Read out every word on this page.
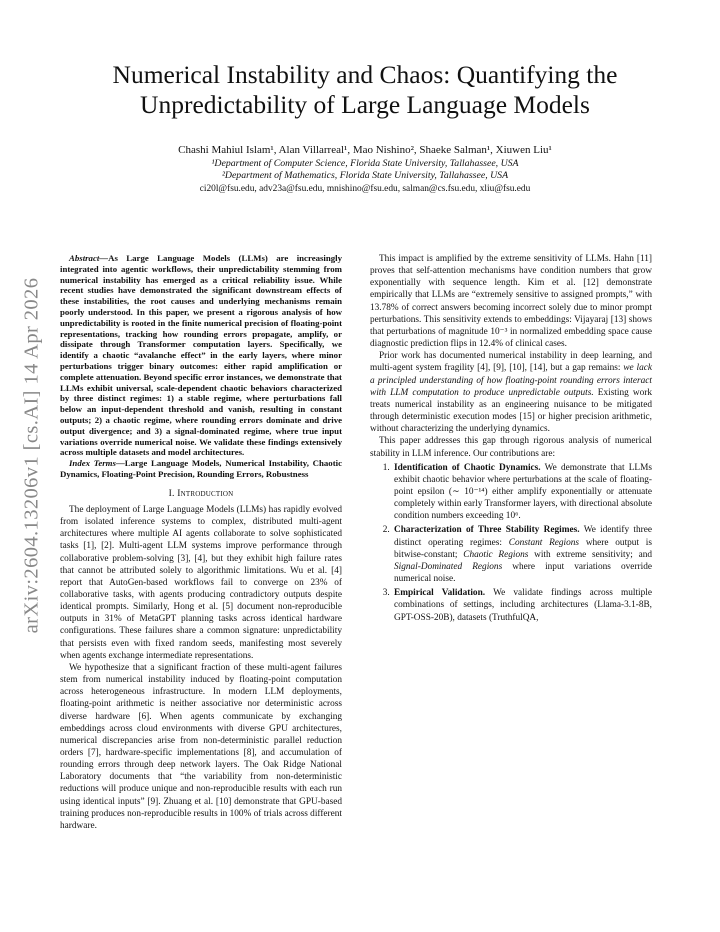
arXiv:2604.13206v1 [cs.AI] 14 Apr 2026
Numerical Instability and Chaos: Quantifying the Unpredictability of Large Language Models
Chashi Mahiul Islam¹, Alan Villarreal¹, Mao Nishino², Shaeke Salman¹, Xiuwen Liu¹
¹Department of Computer Science, Florida State University, Tallahassee, USA
²Department of Mathematics, Florida State University, Tallahassee, USA
ci20l@fsu.edu, adv23a@fsu.edu, mnishino@fsu.edu, salman@cs.fsu.edu, xliu@fsu.edu

Abstract—As Large Language Models (LLMs) are increasingly integrated into agentic workflows, their unpredictability stemming from numerical instability has emerged as a critical reliability issue. While recent studies have demonstrated the significant downstream effects of these instabilities, the root causes and underlying mechanisms remain poorly understood. In this paper, we present a rigorous analysis of how unpredictability is rooted in the finite numerical precision of floating-point representations, tracking how rounding errors propagate, amplify, or dissipate through Transformer computation layers. Specifically, we identify a chaotic “avalanche effect” in the early layers, where minor perturbations trigger binary outcomes: either rapid amplification or complete attenuation. Beyond specific error instances, we demonstrate that LLMs exhibit universal, scale-dependent chaotic behaviors characterized by three distinct regimes: 1) a stable regime, where perturbations fall below an input-dependent threshold and vanish, resulting in constant outputs; 2) a chaotic regime, where rounding errors dominate and drive output divergence; and 3) a signal-dominated regime, where true input variations override numerical noise. We validate these findings extensively across multiple datasets and model architectures.

Index Terms—Large Language Models, Numerical Instability, Chaotic Dynamics, Floating-Point Precision, Rounding Errors, Robustness

I. Introduction

The deployment of Large Language Models (LLMs) has rapidly evolved from isolated inference systems to complex, distributed multi-agent architectures where multiple AI agents collaborate to solve sophisticated tasks [1], [2]. Multi-agent LLM systems improve performance through collaborative problem-solving [3], [4], but they exhibit high failure rates that cannot be attributed solely to algorithmic limitations. Wu et al. [4] report that AutoGen-based workflows fail to converge on 23% of collaborative tasks, with agents producing contradictory outputs despite identical prompts. Similarly, Hong et al. [5] document non-reproducible outputs in 31% of MetaGPT planning tasks across identical hardware configurations. These failures share a common signature: unpredictability that persists even with fixed random seeds, manifesting most severely when agents exchange intermediate representations.

We hypothesize that a significant fraction of these multi-agent failures stem from numerical instability induced by floating-point computation across heterogeneous infrastructure. In modern LLM deployments, floating-point arithmetic is neither associative nor deterministic across diverse hardware [6]. When agents communicate by exchanging embeddings across cloud environments with diverse GPU architectures, numerical discrepancies arise from non-deterministic parallel reduction orders [7], hardware-specific implementations [8], and accumulation of rounding errors through deep network layers. The Oak Ridge National Laboratory documents that “the variability from non-deterministic reductions will produce unique and non-reproducible results with each run using identical inputs” [9]. Zhuang et al. [10] demonstrate that GPU-based training produces non-reproducible results in 100% of trials across different hardware.

This impact is amplified by the extreme sensitivity of LLMs. Hahn [11] proves that self-attention mechanisms have condition numbers that grow exponentially with sequence length. Kim et al. [12] demonstrate empirically that LLMs are “extremely sensitive to assigned prompts,” with 13.78% of correct answers becoming incorrect solely due to minor prompt perturbations. This sensitivity extends to embeddings: Vijayaraj [13] shows that perturbations of magnitude 10⁻³ in normalized embedding space cause diagnostic prediction flips in 12.4% of clinical cases.

Prior work has documented numerical instability in deep learning, and multi-agent system fragility [4], [9], [10], [14], but a gap remains: we lack a principled understanding of how floating-point rounding errors interact with LLM computation to produce unpredictable outputs. Existing work treats numerical instability as an engineering nuisance to be mitigated through deterministic execution modes [15] or higher precision arithmetic, without characterizing the underlying dynamics.

This paper addresses this gap through rigorous analysis of numerical stability in LLM inference. Our contributions are:

1. Identification of Chaotic Dynamics. We demonstrate that LLMs exhibit chaotic behavior where perturbations at the scale of floating-point epsilon (∼ 10⁻¹⁴) either amplify exponentially or attenuate completely within early Transformer layers, with directional absolute condition numbers exceeding 10⁶.
2. Characterization of Three Stability Regimes. We identify three distinct operating regimes: Constant Regions where output is bitwise-constant; Chaotic Regions with extreme sensitivity; and Signal-Dominated Regions where input variations override numerical noise.
3. Empirical Validation. We validate findings across multiple combinations of settings, including architectures (Llama-3.1-8B, GPT-OSS-20B), datasets (TruthfulQA,
